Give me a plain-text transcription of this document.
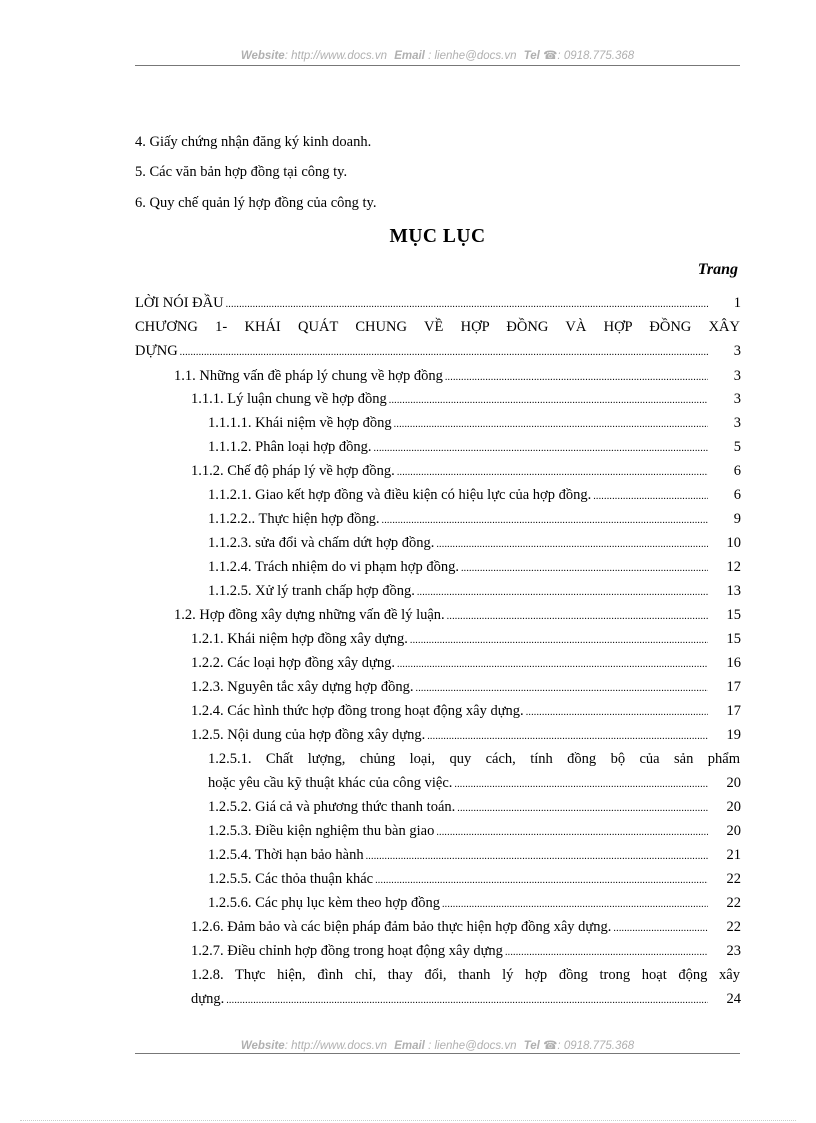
Website: http://www.docs.vn Email : lienhe@docs.vn Tel ☎: 0918.775.368
4. Giấy chứng nhận đăng ký kinh doanh.
5. Các văn bản hợp đồng tại công ty.
6. Quy chế quản lý hợp đồng của công ty.
MỤC LỤC
Trang
LỜI NÓI ĐẦU .....	1
CHƯƠNG 1- KHÁI QUÁT CHUNG VỀ HỢP ĐỒNG VÀ HỢP ĐỒNG XÂY
DỰNG .....	3
1.1. Những vấn đề pháp lý chung về hợp đồng .....	3
1.1.1. Lý luận chung về hợp đồng .....	3
1.1.1.1. Khái niệm về hợp đồng .....	3
1.1.1.2. Phân loại hợp đồng. .....	5
1.1.2. Chế độ pháp lý về hợp đồng. .....	6
1.1.2.1. Giao kết hợp đồng và điều kiện có hiệu lực của hợp đồng. .....	6
1.1.2.2.. Thực hiện hợp đồng. .....	9
1.1.2.3. sửa đổi và chấm dứt hợp đồng. .....	10
1.1.2.4. Trách nhiệm do vi phạm hợp đồng. .....	12
1.1.2.5. Xử lý tranh chấp hợp đồng. .....	13
1.2. Hợp đồng xây dựng những vấn đề lý luận. .....	15
1.2.1. Khái niệm hợp đồng xây dựng. .....	15
1.2.2. Các loại hợp đồng xây dựng. .....	16
1.2.3. Nguyên tắc xây dựng hợp đồng. .....	17
1.2.4. Các hình thức hợp đồng trong hoạt động xây dựng. .....	17
1.2.5. Nội dung của hợp đồng xây dựng. .....	19
1.2.5.1. Chất lượng, chủng loại, quy cách, tính đồng bộ của sản phẩm
hoặc yêu cầu kỹ thuật khác của công việc. .....	20
1.2.5.2. Giá cả và phương thức thanh toán. .....	20
1.2.5.3. Điều kiện nghiệm thu bàn giao .....	20
1.2.5.4. Thời hạn bảo hành .....	21
1.2.5.5. Các thỏa thuận khác .....	22
1.2.5.6. Các phụ lục kèm theo hợp đồng .....	22
1.2.6. Đảm bảo và các biện pháp đảm bảo thực hiện hợp đồng xây dựng. .....	22
1.2.7. Điều chỉnh hợp đồng trong hoạt động xây dựng .....	23
1.2.8. Thực hiện, đình chỉ, thay đổi, thanh lý hợp đồng trong hoạt động xây
dựng. .....	24
Website: http://www.docs.vn Email : lienhe@docs.vn Tel ☎: 0918.775.368
